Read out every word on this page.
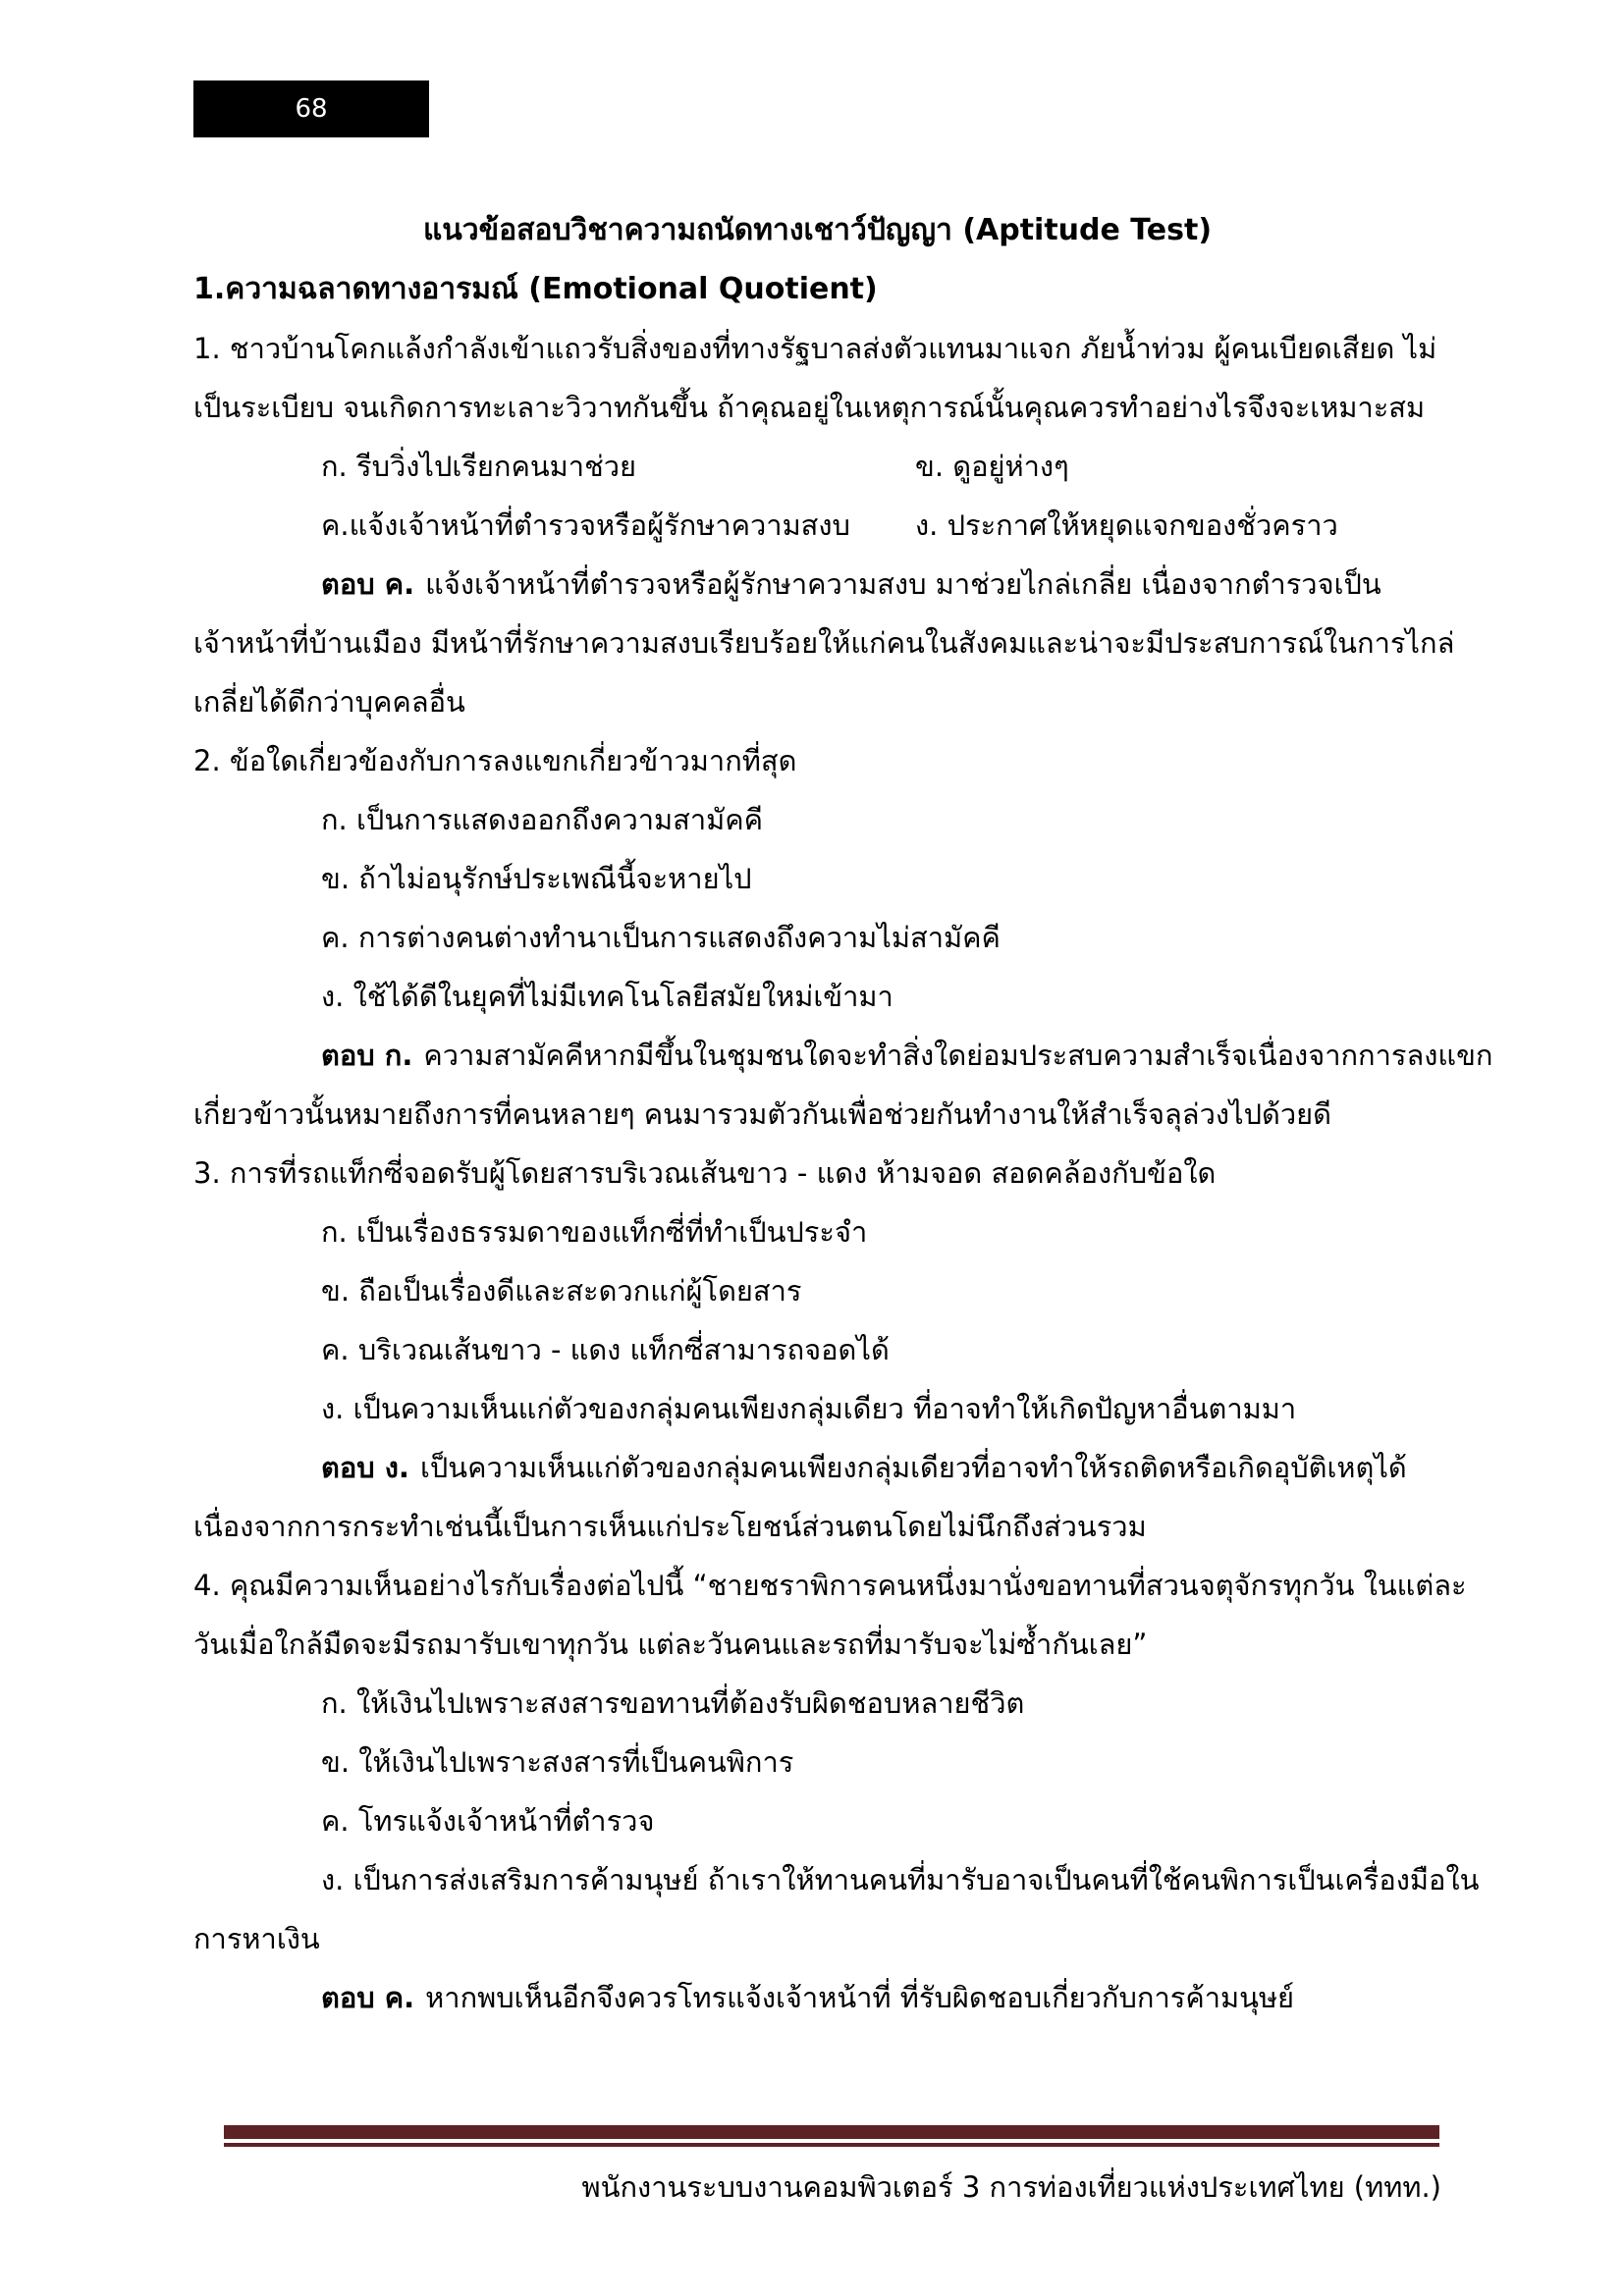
68
แนวข้อสอบวิชาความถนัดทางเชาว์ปัญญา (Aptitude Test)
1.ความฉลาดทางอารมณ์ (Emotional Quotient)
1. ชาวบ้านโคกแล้งกำลังเข้าแถวรับสิ่งของที่ทางรัฐบาลส่งตัวแทนมาแจก ภัยน้ำท่วม ผู้คนเบียดเสียด ไม่
เป็นระเบียบ จนเกิดการทะเลาะวิวาทกันขึ้น ถ้าคุณอยู่ในเหตุการณ์นั้นคุณควรทำอย่างไรจึงจะเหมาะสม
ก. รีบวิ่งไปเรียกคนมาช่วย	ข. ดูอยู่ห่างๆ
ค.แจ้งเจ้าหน้าที่ตำรวจหรือผู้รักษาความสงบ	ง. ประกาศให้หยุดแจกของชั่วคราว
ตอบ ค. แจ้งเจ้าหน้าที่ตำรวจหรือผู้รักษาความสงบ มาช่วยไกล่เกลี่ย เนื่องจากตำรวจเป็น
เจ้าหน้าที่บ้านเมือง มีหน้าที่รักษาความสงบเรียบร้อยให้แก่คนในสังคมและน่าจะมีประสบการณ์ในการไกล่
เกลี่ยได้ดีกว่าบุคคลอื่น
2. ข้อใดเกี่ยวข้องกับการลงแขกเกี่ยวข้าวมากที่สุด
ก. เป็นการแสดงออกถึงความสามัคคี
ข. ถ้าไม่อนุรักษ์ประเพณีนี้จะหายไป
ค. การต่างคนต่างทำนาเป็นการแสดงถึงความไม่สามัคคี
ง. ใช้ได้ดีในยุคที่ไม่มีเทคโนโลยีสมัยใหม่เข้ามา
ตอบ ก. ความสามัคคีหากมีขึ้นในชุมชนใดจะทำสิ่งใดย่อมประสบความสำเร็จเนื่องจากการลงแขก
เกี่ยวข้าวนั้นหมายถึงการที่คนหลายๆ คนมารวมตัวกันเพื่อช่วยกันทำงานให้สำเร็จลุล่วงไปด้วยดี
3. การที่รถแท็กซี่จอดรับผู้โดยสารบริเวณเส้นขาว - แดง ห้ามจอด สอดคล้องกับข้อใด
ก. เป็นเรื่องธรรมดาของแท็กซี่ที่ทำเป็นประจำ
ข. ถือเป็นเรื่องดีและสะดวกแก่ผู้โดยสาร
ค. บริเวณเส้นขาว - แดง แท็กซี่สามารถจอดได้
ง. เป็นความเห็นแก่ตัวของกลุ่มคนเพียงกลุ่มเดียว ที่อาจทำให้เกิดปัญหาอื่นตามมา
ตอบ ง. เป็นความเห็นแก่ตัวของกลุ่มคนเพียงกลุ่มเดียวที่อาจทำให้รถติดหรือเกิดอุบัติเหตุได้
เนื่องจากการกระทำเช่นนี้เป็นการเห็นแก่ประโยชน์ส่วนตนโดยไม่นึกถึงส่วนรวม
4. คุณมีความเห็นอย่างไรกับเรื่องต่อไปนี้ “ชายชราพิการคนหนึ่งมานั่งขอทานที่สวนจตุจักรทุกวัน ในแต่ละ
วันเมื่อใกล้มืดจะมีรถมารับเขาทุกวัน แต่ละวันคนและรถที่มารับจะไม่ซ้ำกันเลย”
ก. ให้เงินไปเพราะสงสารขอทานที่ต้องรับผิดชอบหลายชีวิต
ข. ให้เงินไปเพราะสงสารที่เป็นคนพิการ
ค. โทรแจ้งเจ้าหน้าที่ตำรวจ
ง. เป็นการส่งเสริมการค้ามนุษย์ ถ้าเราให้ทานคนที่มารับอาจเป็นคนที่ใช้คนพิการเป็นเครื่องมือใน
การหาเงิน
ตอบ ค. หากพบเห็นอีกจึงควรโทรแจ้งเจ้าหน้าที่ ที่รับผิดชอบเกี่ยวกับการค้ามนุษย์
พนักงานระบบงานคอมพิวเตอร์ 3 การท่องเที่ยวแห่งประเทศไทย (ททท.)
